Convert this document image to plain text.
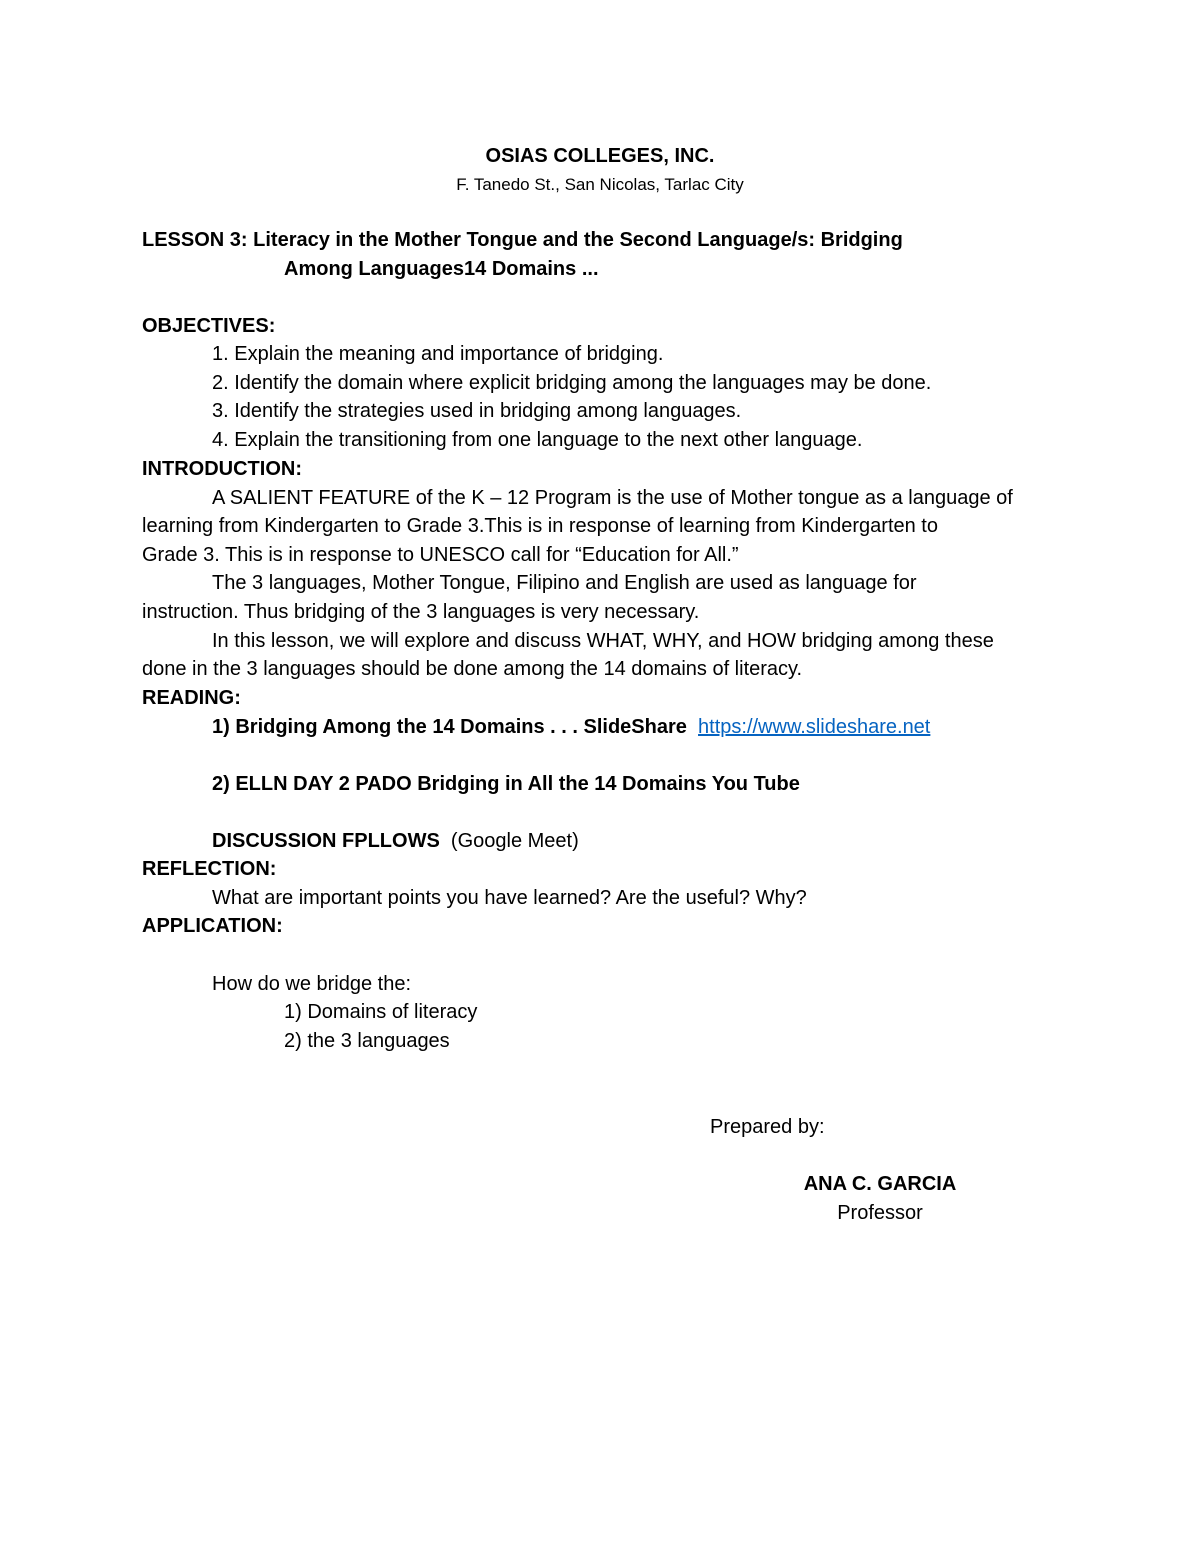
OSIAS COLLEGES, INC.
F. Tanedo St., San Nicolas, Tarlac City
LESSON 3: Literacy in the Mother Tongue and the Second Language/s: Bridging
Among Languages14 Domains ...
OBJECTIVES:
1. Explain the meaning and importance of bridging.
2. Identify the domain where explicit bridging among the languages may be done.
3. Identify the strategies used in bridging among languages.
4. Explain the transitioning from one language to the next other language.
INTRODUCTION:
A SALIENT FEATURE of the K – 12 Program is the use of Mother tongue as a language of
learning from Kindergarten to Grade 3.This is in response of learning from Kindergarten to
Grade 3. This is in response to UNESCO call for “Education for All.”
The 3 languages, Mother Tongue, Filipino and English are used as language for
instruction. Thus bridging of the 3 languages is very necessary.
In this lesson, we will explore and discuss WHAT, WHY, and HOW bridging among these
done in the 3 languages should be done among the 14 domains of literacy.
READING:
1) Bridging Among the 14 Domains . . . SlideShare https://www.slideshare.net
2) ELLN DAY 2 PADO Bridging in All the 14 Domains You Tube
DISCUSSION FPLLOWS (Google Meet)
REFLECTION:
What are important points you have learned? Are the useful? Why?
APPLICATION:
How do we bridge the:
1) Domains of literacy
2) the 3 languages
Prepared by:
ANA C. GARCIA
Professor
